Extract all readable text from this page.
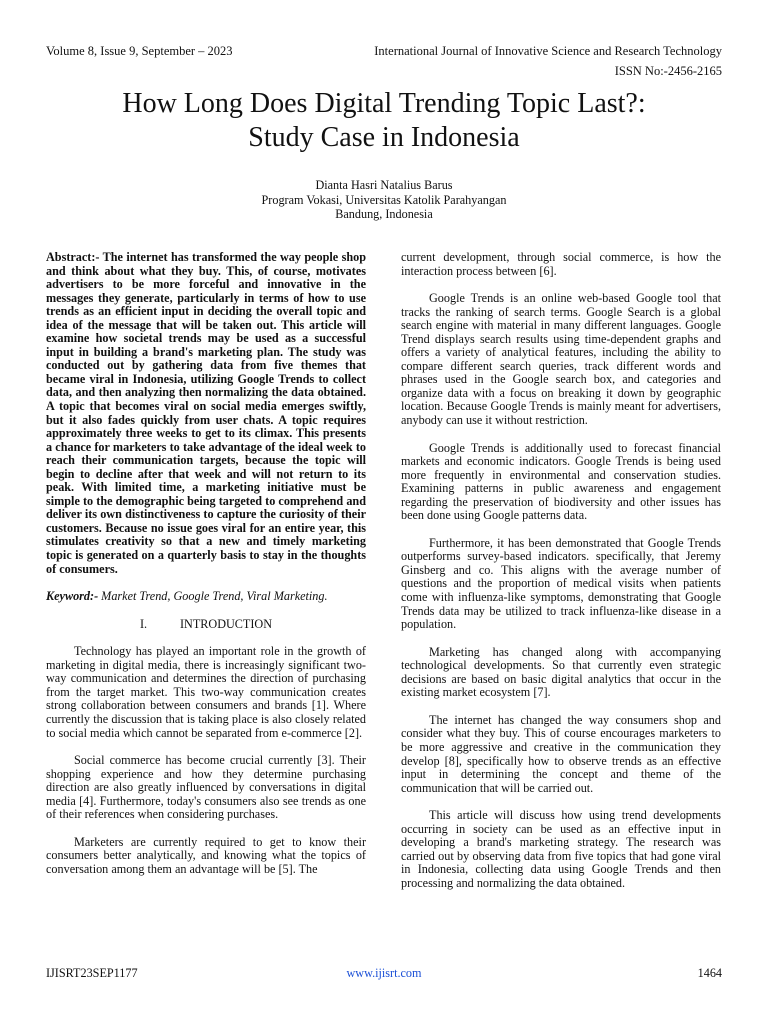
Volume 8, Issue 9, September – 2023	International Journal of Innovative Science and Research Technology
ISSN No:-2456-2165
How Long Does Digital Trending Topic Last?:
Study Case in Indonesia
Dianta Hasri Natalius Barus
Program Vokasi, Universitas Katolik Parahyangan
Bandung, Indonesia

Abstract:- The internet has transformed the way people shop and think about what they buy. This, of course, motivates advertisers to be more forceful and innovative in the messages they generate, particularly in terms of how to use trends as an efficient input in deciding the overall topic and idea of the message that will be taken out. This article will examine how societal trends may be used as a successful input in building a brand's marketing plan. The study was conducted out by gathering data from five themes that became viral in Indonesia, utilizing Google Trends to collect data, and then analyzing then normalizing the data obtained. A topic that becomes viral on social media emerges swiftly, but it also fades quickly from user chats. A topic requires approximately three weeks to get to its climax. This presents a chance for marketers to take advantage of the ideal week to reach their communication targets, because the topic will begin to decline after that week and will not return to its peak. With limited time, a marketing initiative must be simple to the demographic being targeted to comprehend and deliver its own distinctiveness to capture the curiosity of their customers. Because no issue goes viral for an entire year, this stimulates creativity so that a new and timely marketing topic is generated on a quarterly basis to stay in the thoughts of consumers.

Keyword:- Market Trend, Google Trend, Viral Marketing.

I.	INTRODUCTION

Technology has played an important role in the growth of marketing in digital media, there is increasingly significant two-way communication and determines the direction of purchasing from the target market. This two-way communication creates strong collaboration between consumers and brands [1]. Where currently the discussion that is taking place is also closely related to social media which cannot be separated from e-commerce [2].

Social commerce has become crucial currently [3]. Their shopping experience and how they determine purchasing direction are also greatly influenced by conversations in digital media [4]. Furthermore, today's consumers also see trends as one of their references when considering purchases.

Marketers are currently required to get to know their consumers better analytically, and knowing what the topics of conversation among them an advantage will be [5]. The

current development, through social commerce, is how the interaction process between [6].

Google Trends is an online web-based Google tool that tracks the ranking of search terms. Google Search is a global search engine with material in many different languages. Google Trend displays search results using time-dependent graphs and offers a variety of analytical features, including the ability to compare different search queries, track different words and phrases used in the Google search box, and categories and organize data with a focus on breaking it down by geographic location. Because Google Trends is mainly meant for advertisers, anybody can use it without restriction.

Google Trends is additionally used to forecast financial markets and economic indicators. Google Trends is being used more frequently in environmental and conservation studies. Examining patterns in public awareness and engagement regarding the preservation of biodiversity and other issues has been done using Google patterns data.

Furthermore, it has been demonstrated that Google Trends outperforms survey-based indicators. specifically, that Jeremy Ginsberg and co. This aligns with the average number of questions and the proportion of medical visits when patients come with influenza-like symptoms, demonstrating that Google Trends data may be utilized to track influenza-like disease in a population.

Marketing has changed along with accompanying technological developments. So that currently even strategic decisions are based on basic digital analytics that occur in the existing market ecosystem [7].

The internet has changed the way consumers shop and consider what they buy. This of course encourages marketers to be more aggressive and creative in the communication they develop [8], specifically how to observe trends as an effective input in determining the concept and theme of the communication that will be carried out.

This article will discuss how using trend developments occurring in society can be used as an effective input in developing a brand's marketing strategy. The research was carried out by observing data from five topics that had gone viral in Indonesia, collecting data using Google Trends and then processing and normalizing the data obtained.

IJISRT23SEP1177	www.ijisrt.com	1464
